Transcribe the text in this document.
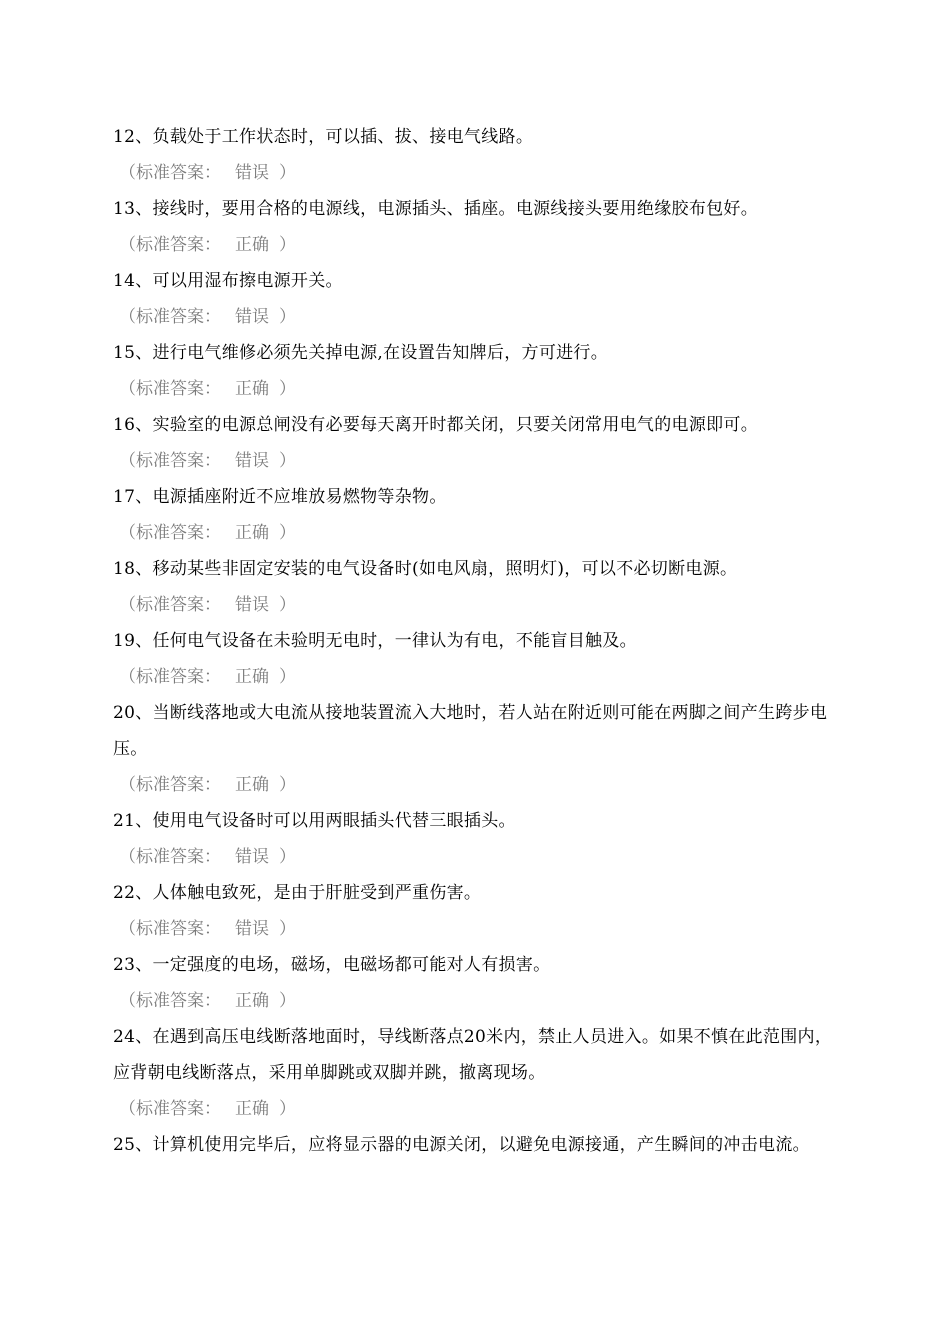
12、负载处于工作状态时，可以插、拔、接电气线路。

（标准答案： 错误 ）

13、接线时，要用合格的电源线，电源插头、插座。电源线接头要用绝缘胶布包好。

（标准答案： 正确 ）

14、可以用湿布擦电源开关。

（标准答案： 错误 ）

15、进行电气维修必须先关掉电源,在设置告知牌后，方可进行。

（标准答案： 正确 ）

16、实验室的电源总闸没有必要每天离开时都关闭，只要关闭常用电气的电源即可。

（标准答案： 错误 ）

17、电源插座附近不应堆放易燃物等杂物。

（标准答案： 正确 ）

18、移动某些非固定安装的电气设备时(如电风扇，照明灯)，可以不必切断电源。

（标准答案： 错误 ）

19、任何电气设备在未验明无电时，一律认为有电，不能盲目触及。

（标准答案： 正确 ）

20、当断线落地或大电流从接地装置流入大地时，若人站在附近则可能在两脚之间产生跨步电压。

（标准答案： 正确 ）

21、使用电气设备时可以用两眼插头代替三眼插头。

（标准答案： 错误 ）

22、人体触电致死，是由于肝脏受到严重伤害。

（标准答案： 错误 ）

23、一定强度的电场，磁场，电磁场都可能对人有损害。

（标准答案： 正确 ）

24、在遇到高压电线断落地面时，导线断落点20米内，禁止人员进入。如果不慎在此范围内，应背朝电线断落点，采用单脚跳或双脚并跳，撤离现场。

（标准答案： 正确 ）

25、计算机使用完毕后，应将显示器的电源关闭，以避免电源接通，产生瞬间的冲击电流。
